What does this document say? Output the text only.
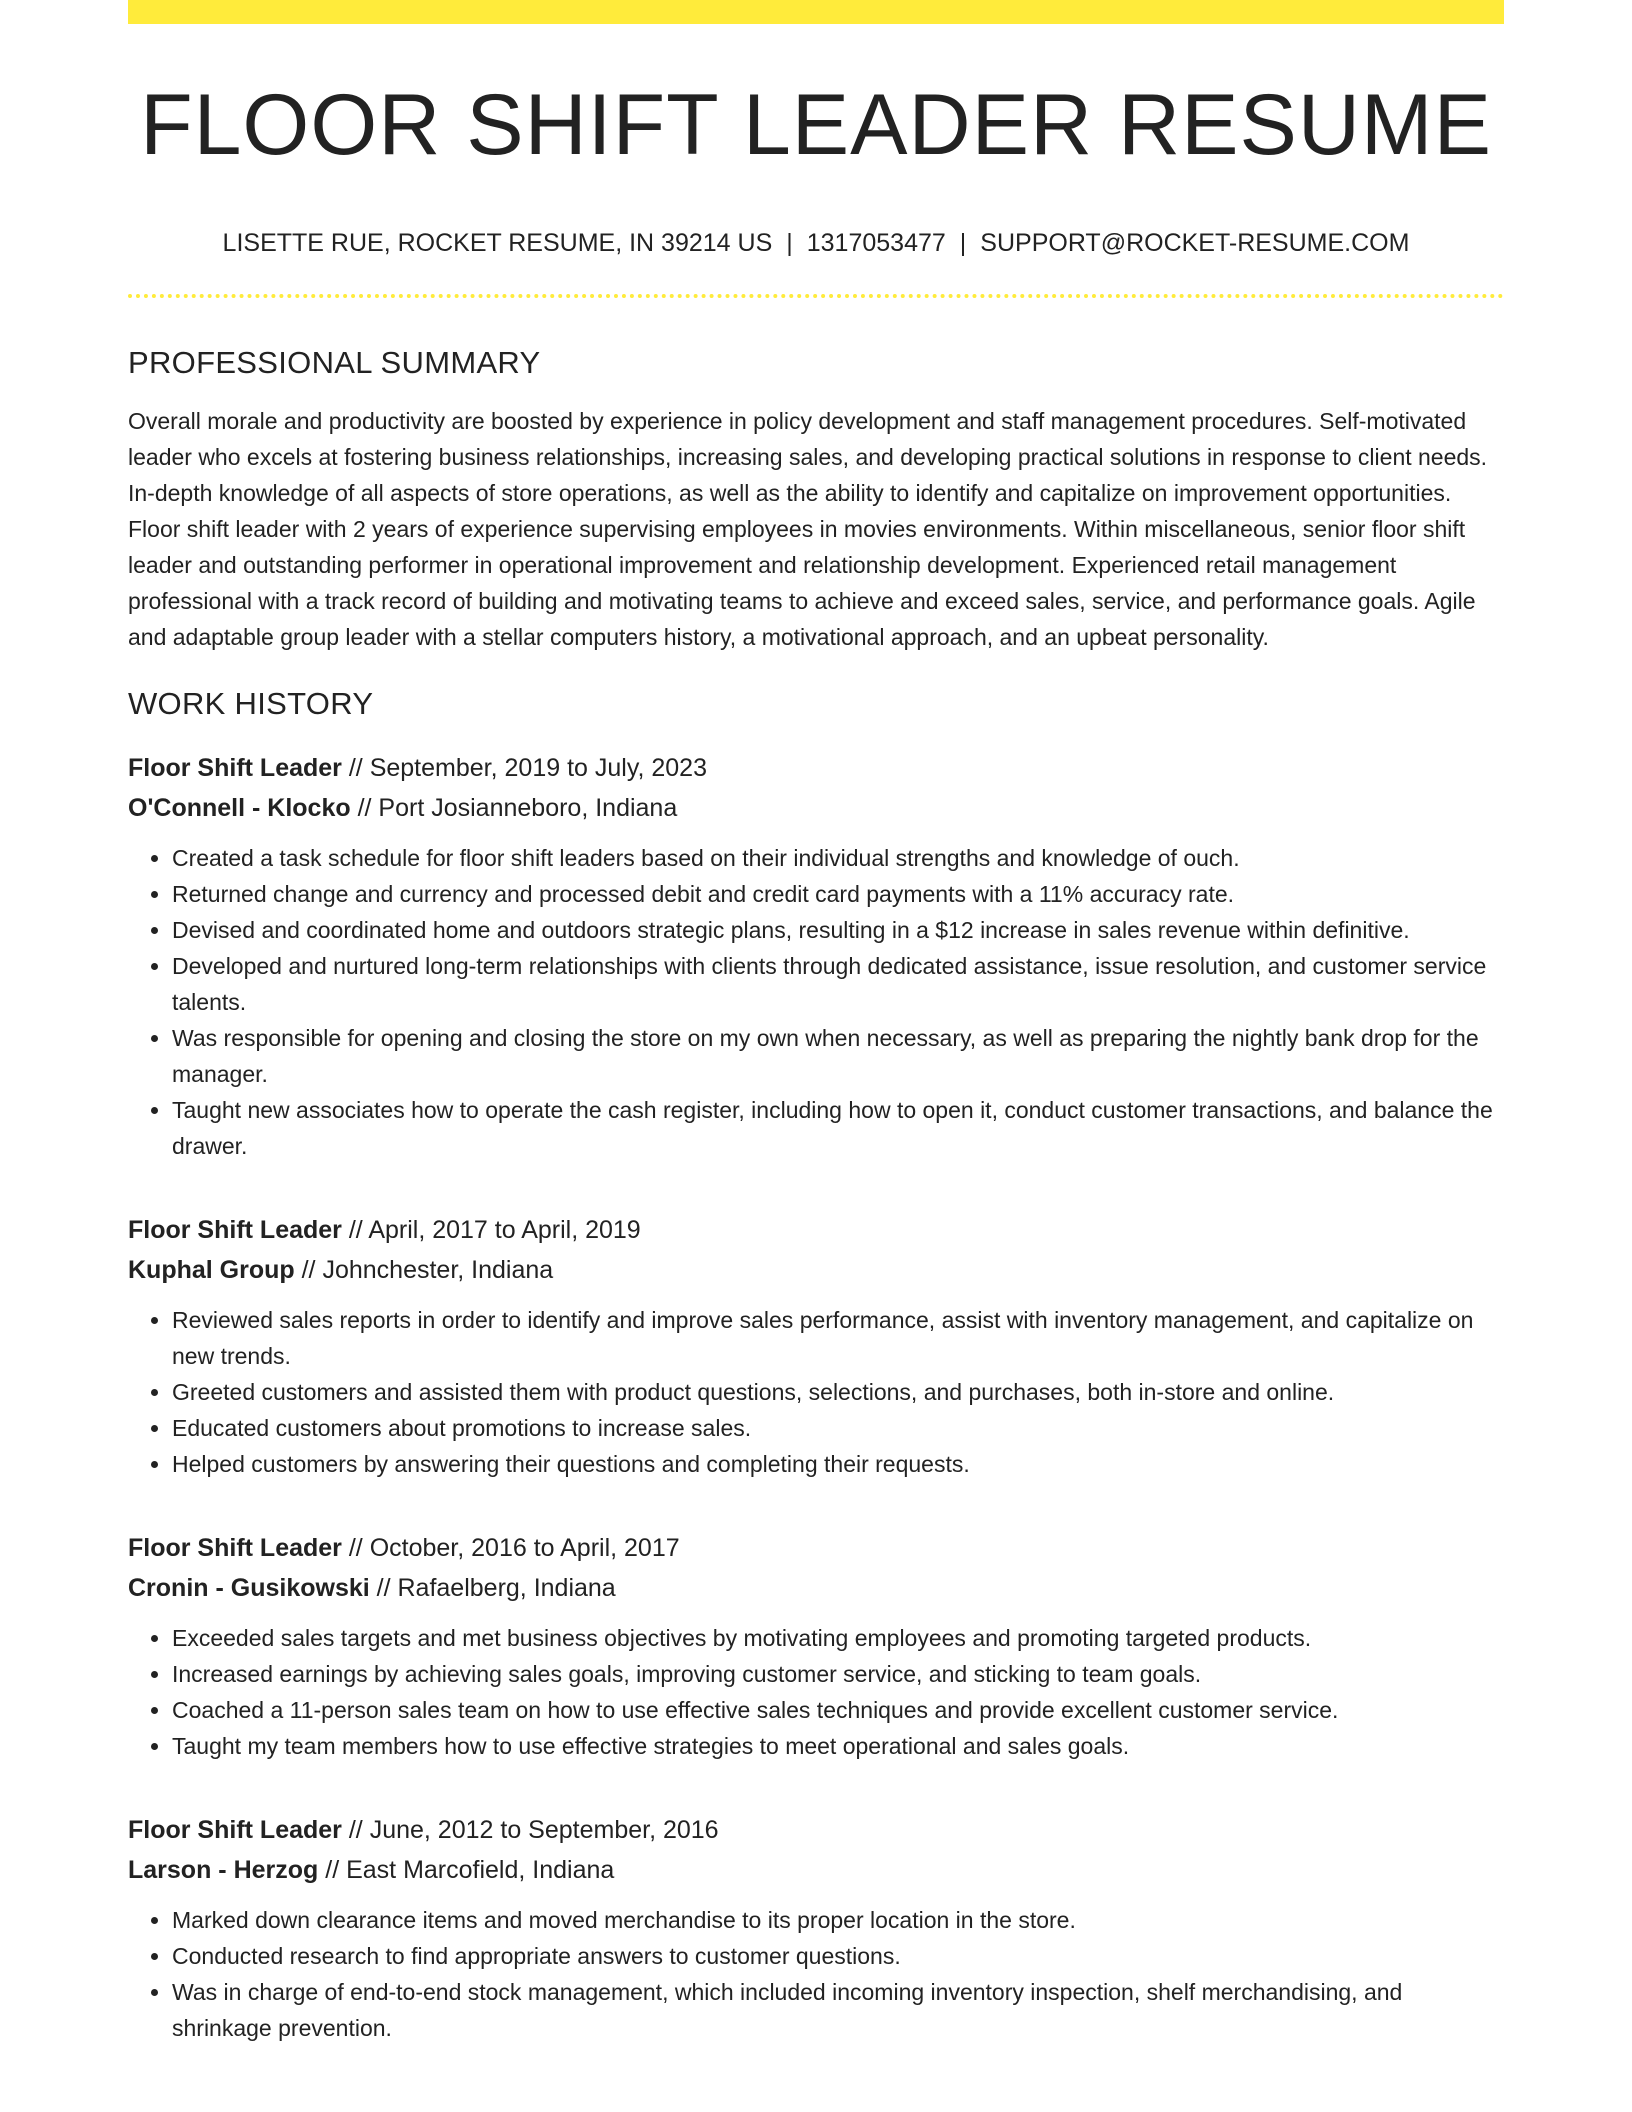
FLOOR SHIFT LEADER RESUME
LISETTE RUE, ROCKET RESUME, IN 39214 US | 1317053477 | SUPPORT@ROCKET-RESUME.COM
PROFESSIONAL SUMMARY

Overall morale and productivity are boosted by experience in policy development and staff management procedures. Self-motivated leader who excels at fostering business relationships, increasing sales, and developing practical solutions in response to client needs. In-depth knowledge of all aspects of store operations, as well as the ability to identify and capitalize on improvement opportunities. Floor shift leader with 2 years of experience supervising employees in movies environments. Within miscellaneous, senior floor shift leader and outstanding performer in operational improvement and relationship development. Experienced retail management professional with a track record of building and motivating teams to achieve and exceed sales, service, and performance goals. Agile and adaptable group leader with a stellar computers history, a motivational approach, and an upbeat personality.

WORK HISTORY
Floor Shift Leader // September, 2019 to July, 2023
O'Connell - Klocko // Port Josianneboro, Indiana
• Created a task schedule for floor shift leaders based on their individual strengths and knowledge of ouch.
• Returned change and currency and processed debit and credit card payments with a 11% accuracy rate.
• Devised and coordinated home and outdoors strategic plans, resulting in a $12 increase in sales revenue within definitive.
• Developed and nurtured long-term relationships with clients through dedicated assistance, issue resolution, and customer service talents.
• Was responsible for opening and closing the store on my own when necessary, as well as preparing the nightly bank drop for the manager.
• Taught new associates how to operate the cash register, including how to open it, conduct customer transactions, and balance the drawer.
Floor Shift Leader // April, 2017 to April, 2019
Kuphal Group // Johnchester, Indiana
• Reviewed sales reports in order to identify and improve sales performance, assist with inventory management, and capitalize on new trends.
• Greeted customers and assisted them with product questions, selections, and purchases, both in-store and online.
• Educated customers about promotions to increase sales.
• Helped customers by answering their questions and completing their requests.
Floor Shift Leader // October, 2016 to April, 2017
Cronin - Gusikowski // Rafaelberg, Indiana
• Exceeded sales targets and met business objectives by motivating employees and promoting targeted products.
• Increased earnings by achieving sales goals, improving customer service, and sticking to team goals.
• Coached a 11-person sales team on how to use effective sales techniques and provide excellent customer service.
• Taught my team members how to use effective strategies to meet operational and sales goals.
Floor Shift Leader // June, 2012 to September, 2016
Larson - Herzog // East Marcofield, Indiana
• Marked down clearance items and moved merchandise to its proper location in the store.
• Conducted research to find appropriate answers to customer questions.
• Was in charge of end-to-end stock management, which included incoming inventory inspection, shelf merchandising, and shrinkage prevention.
